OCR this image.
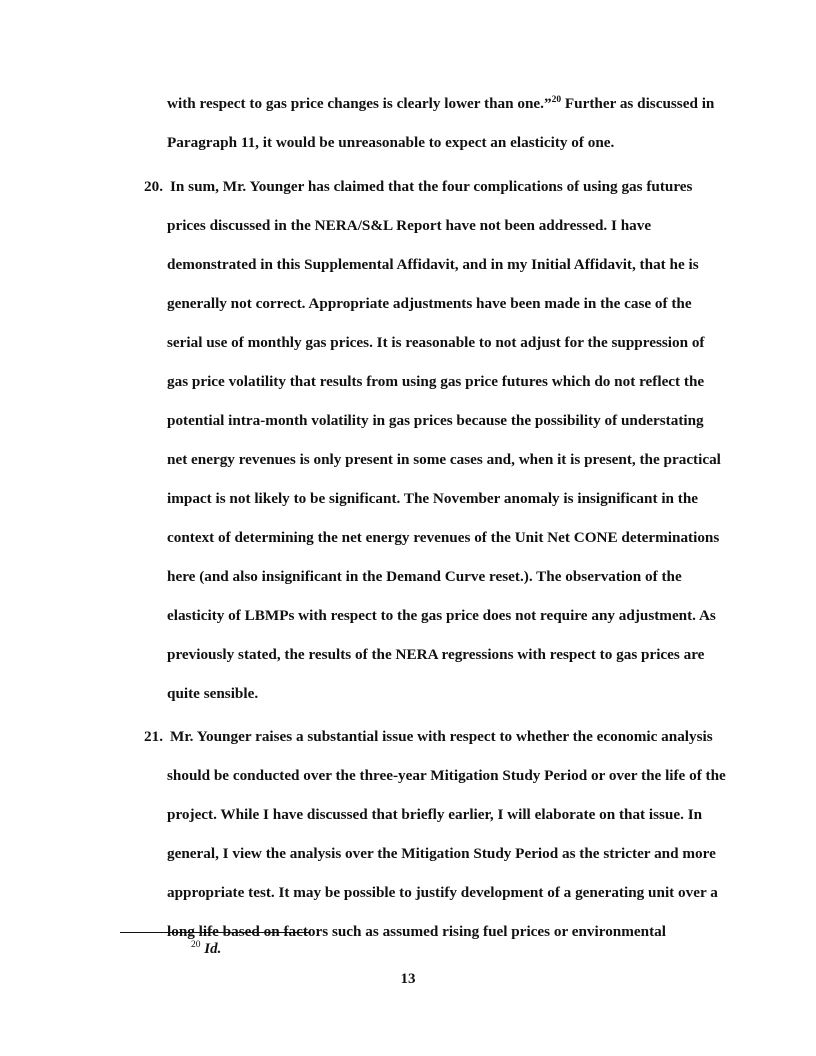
with respect to gas price changes is clearly lower than one.”$^{20}$ Further as discussed in
Paragraph 11, it would be unreasonable to expect an elasticity of one.
20. In sum, Mr. Younger has claimed that the four complications of using gas futures
prices discussed in the NERA/S&L Report have not been addressed. I have
demonstrated in this Supplemental Affidavit, and in my Initial Affidavit, that he is
generally not correct. Appropriate adjustments have been made in the case of the
serial use of monthly gas prices. It is reasonable to not adjust for the suppression of
gas price volatility that results from using gas price futures which do not reflect the
potential intra-month volatility in gas prices because the possibility of understating
net energy revenues is only present in some cases and, when it is present, the practical
impact is not likely to be significant. The November anomaly is insignificant in the
context of determining the net energy revenues of the Unit Net CONE determinations
here (and also insignificant in the Demand Curve reset.). The observation of the
elasticity of LBMPs with respect to the gas price does not require any adjustment. As
previously stated, the results of the NERA regressions with respect to gas prices are
quite sensible.
21. Mr. Younger raises a substantial issue with respect to whether the economic analysis
should be conducted over the three-year Mitigation Study Period or over the life of the
project. While I have discussed that briefly earlier, I will elaborate on that issue. In
general, I view the analysis over the Mitigation Study Period as the stricter and more
appropriate test. It may be possible to justify development of a generating unit over a
long life based on factors such as assumed rising fuel prices or environmental
$^{20}$ Id.
13
